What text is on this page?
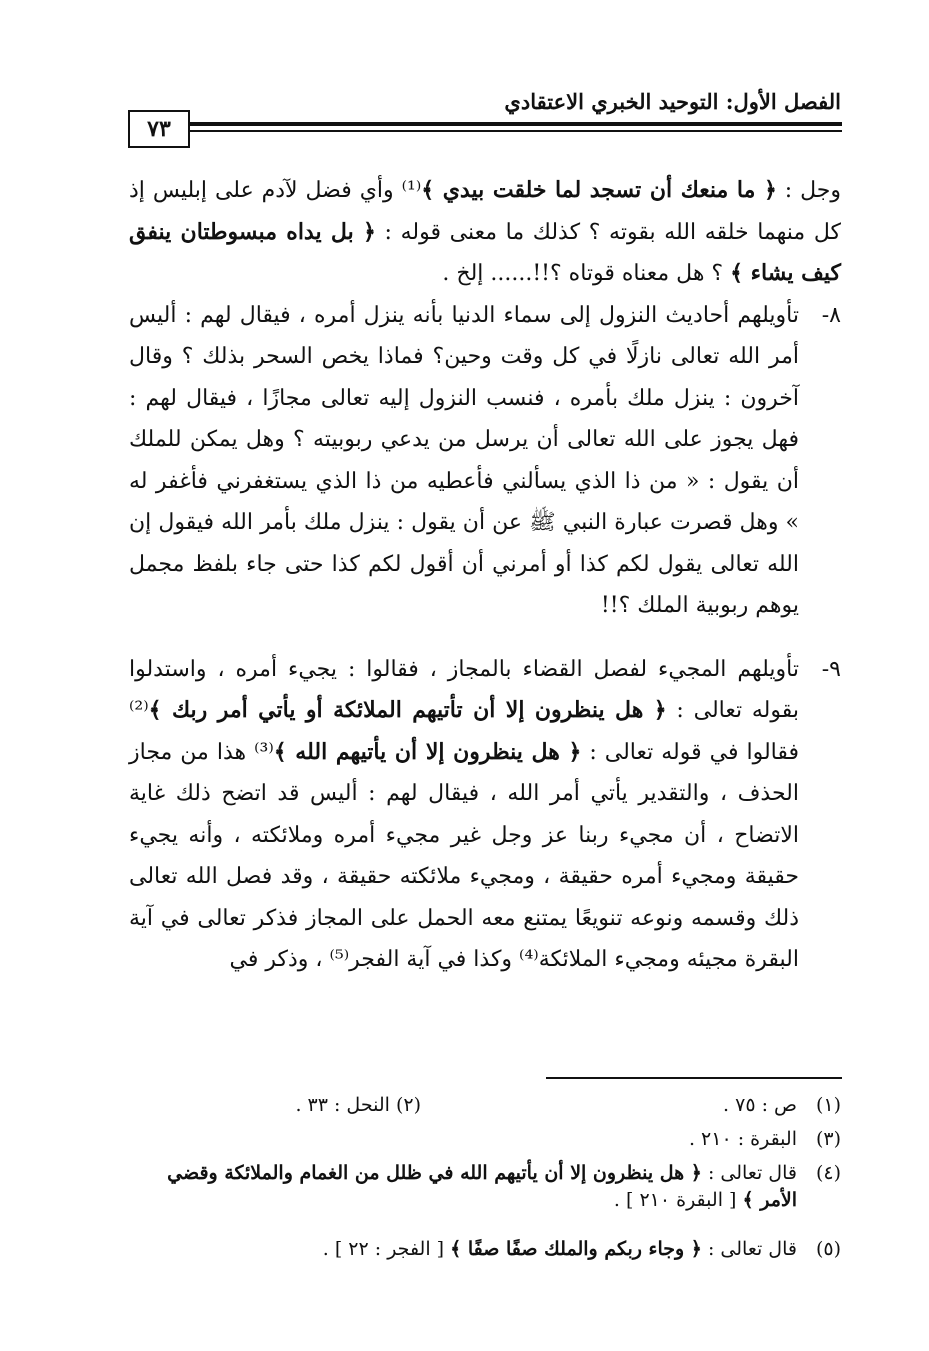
الفصل الأول: التوحيد الخبري الاعتقادي
٧٣

وجل : ﴿ ما منعك أن تسجد لما خلقت بيدي ﴾⁽¹⁾ وأي فضل لآدم على إبليس إذ كل منهما خلقه الله بقوته ؟ كذلك ما معنى قوله : ﴿ بل يداه مبسوطتان ينفق كيف يشاء ﴾ ؟ هل معناه قوتاه ؟!!...... إلخ .

٨-
تأويلهم أحاديث النزول إلى سماء الدنيا بأنه ينزل أمره ، فيقال لهم : أليس أمر الله تعالى نازلًا في كل وقت وحين؟ فماذا يخص السحر بذلك ؟ وقال آخرون : ينزل ملك بأمره ، فنسب النزول إليه تعالى مجازًا ، فيقال لهم : فهل يجوز على الله تعالى أن يرسل من يدعي ربوبيته ؟ وهل يمكن للملك أن يقول : « من ذا الذي يسألني فأعطيه من ذا الذي يستغفرني فأغفر له » وهل قصرت عبارة النبي ﷺ عن أن يقول : ينزل ملك بأمر الله فيقول إن الله تعالى يقول لكم كذا أو أمرني أن أقول لكم كذا حتى جاء بلفظ مجمل يوهم ربوبية الملك ؟!!
٩-
تأويلهم المجيء لفصل القضاء بالمجاز ، فقالوا : يجيء أمره ، واستدلوا بقوله تعالى : ﴿ هل ينظرون إلا أن تأتيهم الملائكة أو يأتي أمر ربك ﴾⁽²⁾ فقالوا في قوله تعالى : ﴿ هل ينظرون إلا أن يأتيهم الله ﴾⁽³⁾ هذا من مجاز الحذف ، والتقدير يأتي أمر الله ، فيقال لهم : أليس قد اتضح ذلك غاية الاتضاح ، أن مجيء ربنا عز وجل غير مجيء أمره وملائكته ، وأنه يجيء حقيقة ومجيء أمره حقيقة ، ومجيء ملائكته حقيقة ، وقد فصل الله تعالى ذلك وقسمه ونوعه تنويعًا يمتنع معه الحمل على المجاز فذكر تعالى في آية البقرة مجيئه ومجيء الملائكة⁽⁴⁾ وكذا في آية الفجر⁽⁵⁾ ، وذكر في
(١)
ص : ٧٥ .
(٢) النحل : ٣٣ .
(٣)
البقرة : ٢١٠ .
(٤)
قال تعالى : ﴿ هل ينظرون إلا أن يأتيهم الله في ظلل من الغمام والملائكة وقضي الأمر ﴾ [ البقرة ٢١٠ ] .
(٥)
قال تعالى : ﴿ وجاء ربكم والملك صفًا صفًا ﴾ [ الفجر : ٢٢ ] .
